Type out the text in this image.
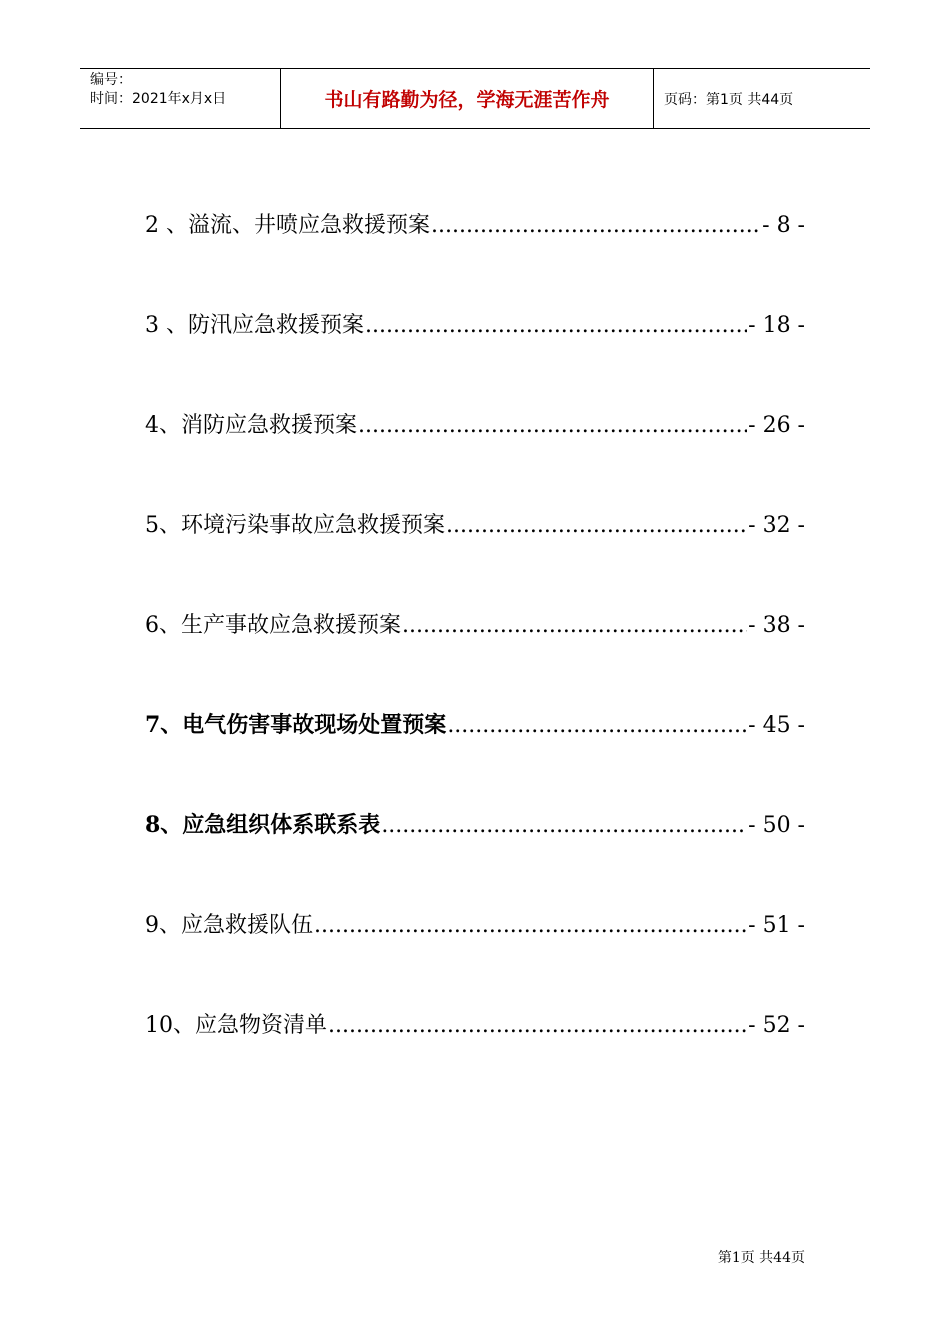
编号：
时间：2021年x月x日	书山有路勤为径，学海无涯苦作舟	页码：第1页 共44页
2 、溢流、井喷应急救援预案 .....	- 8 -
3 、防汛应急救援预案 .....	- 18 -
4、消防应急救援预案 .....	- 26 -
5、环境污染事故应急救援预案 .....	- 32 -
6、生产事故应急救援预案 .....	- 38 -
7、电气伤害事故现场处置预案 .....	- 45 -
8、应急组织体系联系表 .....	- 50 -
9、应急救援队伍 .....	- 51 -
10、应急物资清单 .....	- 52 -
第1页 共44页
